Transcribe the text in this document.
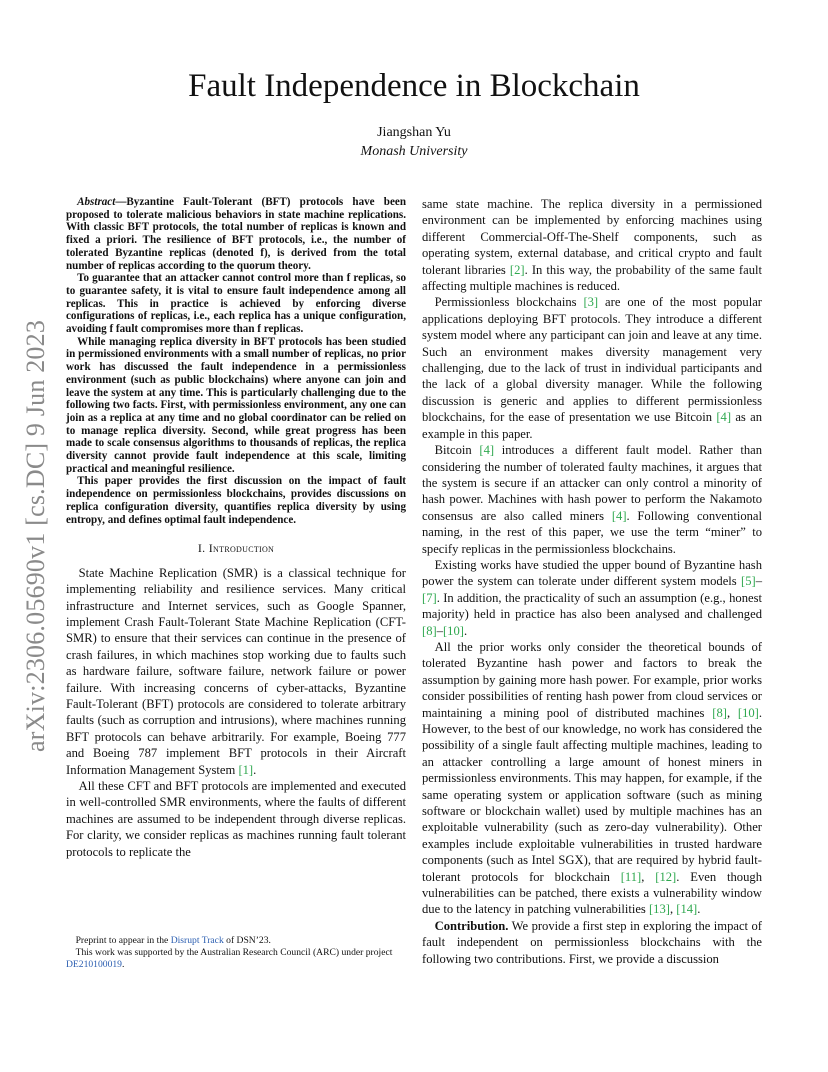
arXiv:2306.05690v1 [cs.DC] 9 Jun 2023
Fault Independence in Blockchain
Jiangshan Yu
Monash University

Abstract—Byzantine Fault-Tolerant (BFT) protocols have been proposed to tolerate malicious behaviors in state machine replications. With classic BFT protocols, the total number of replicas is known and fixed a priori. The resilience of BFT protocols, i.e., the number of tolerated Byzantine replicas (denoted f), is derived from the total number of replicas according to the quorum theory.

To guarantee that an attacker cannot control more than f replicas, so to guarantee safety, it is vital to ensure fault independence among all replicas. This in practice is achieved by enforcing diverse configurations of replicas, i.e., each replica has a unique configuration, avoiding f fault compromises more than f replicas.

While managing replica diversity in BFT protocols has been studied in permissioned environments with a small number of replicas, no prior work has discussed the fault independence in a permissionless environment (such as public blockchains) where anyone can join and leave the system at any time. This is particularly challenging due to the following two facts. First, with permissionless environment, any one can join as a replica at any time and no global coordinator can be relied on to manage replica diversity. Second, while great progress has been made to scale consensus algorithms to thousands of replicas, the replica diversity cannot provide fault independence at this scale, limiting practical and meaningful resilience.

This paper provides the first discussion on the impact of fault independence on permissionless blockchains, provides discussions on replica configuration diversity, quantifies replica diversity by using entropy, and defines optimal fault independence.

I. Introduction

State Machine Replication (SMR) is a classical technique for implementing reliability and resilience services. Many critical infrastructure and Internet services, such as Google Spanner, implement Crash Fault-Tolerant State Machine Replication (CFT-SMR) to ensure that their services can continue in the presence of crash failures, in which machines stop working due to faults such as hardware failure, software failure, network failure or power failure. With increasing concerns of cyber-attacks, Byzantine Fault-Tolerant (BFT) protocols are considered to tolerate arbitrary faults (such as corruption and intrusions), where machines running BFT protocols can behave arbitrarily. For example, Boeing 777 and Boeing 787 implement BFT protocols in their Aircraft Information Management System [1].

All these CFT and BFT protocols are implemented and executed in well-controlled SMR environments, where the faults of different machines are assumed to be independent through diverse replicas. For clarity, we consider replicas as machines running fault tolerant protocols to replicate the

Preprint to appear in the Disrupt Track of DSN’23.

This work was supported by the Australian Research Council (ARC) under project DE210100019.

same state machine. The replica diversity in a permissioned environment can be implemented by enforcing machines using different Commercial-Off-The-Shelf components, such as operating system, external database, and critical crypto and fault tolerant libraries [2]. In this way, the probability of the same fault affecting multiple machines is reduced.

Permissionless blockchains [3] are one of the most popular applications deploying BFT protocols. They introduce a different system model where any participant can join and leave at any time. Such an environment makes diversity management very challenging, due to the lack of trust in individual participants and the lack of a global diversity manager. While the following discussion is generic and applies to different permissionless blockchains, for the ease of presentation we use Bitcoin [4] as an example in this paper.

Bitcoin [4] introduces a different fault model. Rather than considering the number of tolerated faulty machines, it argues that the system is secure if an attacker can only control a minority of hash power. Machines with hash power to perform the Nakamoto consensus are also called miners [4]. Following conventional naming, in the rest of this paper, we use the term “miner” to specify replicas in the permissionless blockchains.

Existing works have studied the upper bound of Byzantine hash power the system can tolerate under different system models [5]–[7]. In addition, the practicality of such an assumption (e.g., honest majority) held in practice has also been analysed and challenged [8]–[10].

All the prior works only consider the theoretical bounds of tolerated Byzantine hash power and factors to break the assumption by gaining more hash power. For example, prior works consider possibilities of renting hash power from cloud services or maintaining a mining pool of distributed machines [8], [10]. However, to the best of our knowledge, no work has considered the possibility of a single fault affecting multiple machines, leading to an attacker controlling a large amount of honest miners in permissionless environments. This may happen, for example, if the same operating system or application software (such as mining software or blockchain wallet) used by multiple machines has an exploitable vulnerability (such as zero-day vulnerability). Other examples include exploitable vulnerabilities in trusted hardware components (such as Intel SGX), that are required by hybrid fault-tolerant protocols for blockchain [11], [12]. Even though vulnerabilities can be patched, there exists a vulnerability window due to the latency in patching vulnerabilities [13], [14].

Contribution. We provide a first step in exploring the impact of fault independent on permissionless blockchains with the following two contributions. First, we provide a discussion
